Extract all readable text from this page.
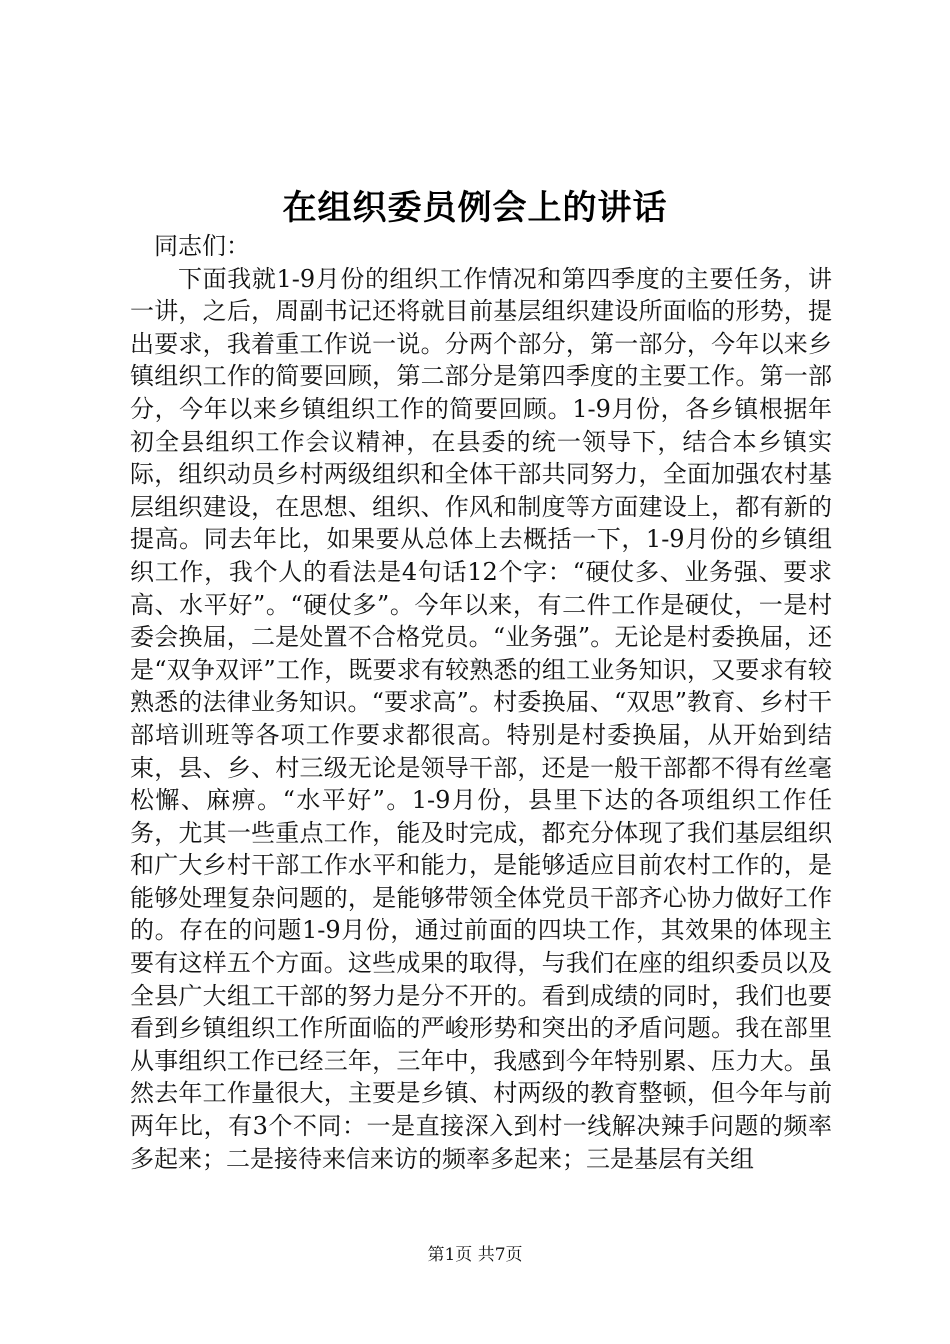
在组织委员例会上的讲话

同志们：

下面我就1-9月份的组织工作情况和第四季度的主要任务，讲一讲，之后，周副书记还将就目前基层组织建设所面临的形势，提出要求，我着重工作说一说。分两个部分，第一部分，今年以来乡镇组织工作的简要回顾，第二部分是第四季度的主要工作。第一部分，今年以来乡镇组织工作的简要回顾。1-9月份，各乡镇根据年初全县组织工作会议精神，在县委的统一领导下，结合本乡镇实际，组织动员乡村两级组织和全体干部共同努力，全面加强农村基层组织建设，在思想、组织、作风和制度等方面建设上，都有新的提高。同去年比，如果要从总体上去概括一下，1-9月份的乡镇组织工作，我个人的看法是4句话12个字：“硬仗多、业务强、要求高、水平好”。“硬仗多”。今年以来，有二件工作是硬仗，一是村委会换届，二是处置不合格党员。“业务强”。无论是村委换届，还是“双争双评”工作，既要求有较熟悉的组工业务知识，又要求有较熟悉的法律业务知识。“要求高”。村委换届、“双思”教育、乡村干部培训班等各项工作要求都很高。特别是村委换届，从开始到结束，县、乡、村三级无论是领导干部，还是一般干部都不得有丝毫松懈、麻痹。“水平好”。1-9月份，县里下达的各项组织工作任务，尤其一些重点工作，能及时完成，都充分体现了我们基层组织和广大乡村干部工作水平和能力，是能够适应目前农村工作的，是能够处理复杂问题的，是能够带领全体党员干部齐心协力做好工作的。存在的问题1-9月份，通过前面的四块工作，其效果的体现主要有这样五个方面。这些成果的取得，与我们在座的组织委员以及全县广大组工干部的努力是分不开的。看到成绩的同时，我们也要看到乡镇组织工作所面临的严峻形势和突出的矛盾问题。我在部里从事组织工作已经三年，三年中，我感到今年特别累、压力大。虽然去年工作量很大，主要是乡镇、村两级的教育整顿，但今年与前两年比，有3个不同：一是直接深入到村一线解决辣手问题的频率多起来；二是接待来信来访的频率多起来；三是基层有关组

第1页 共7页
